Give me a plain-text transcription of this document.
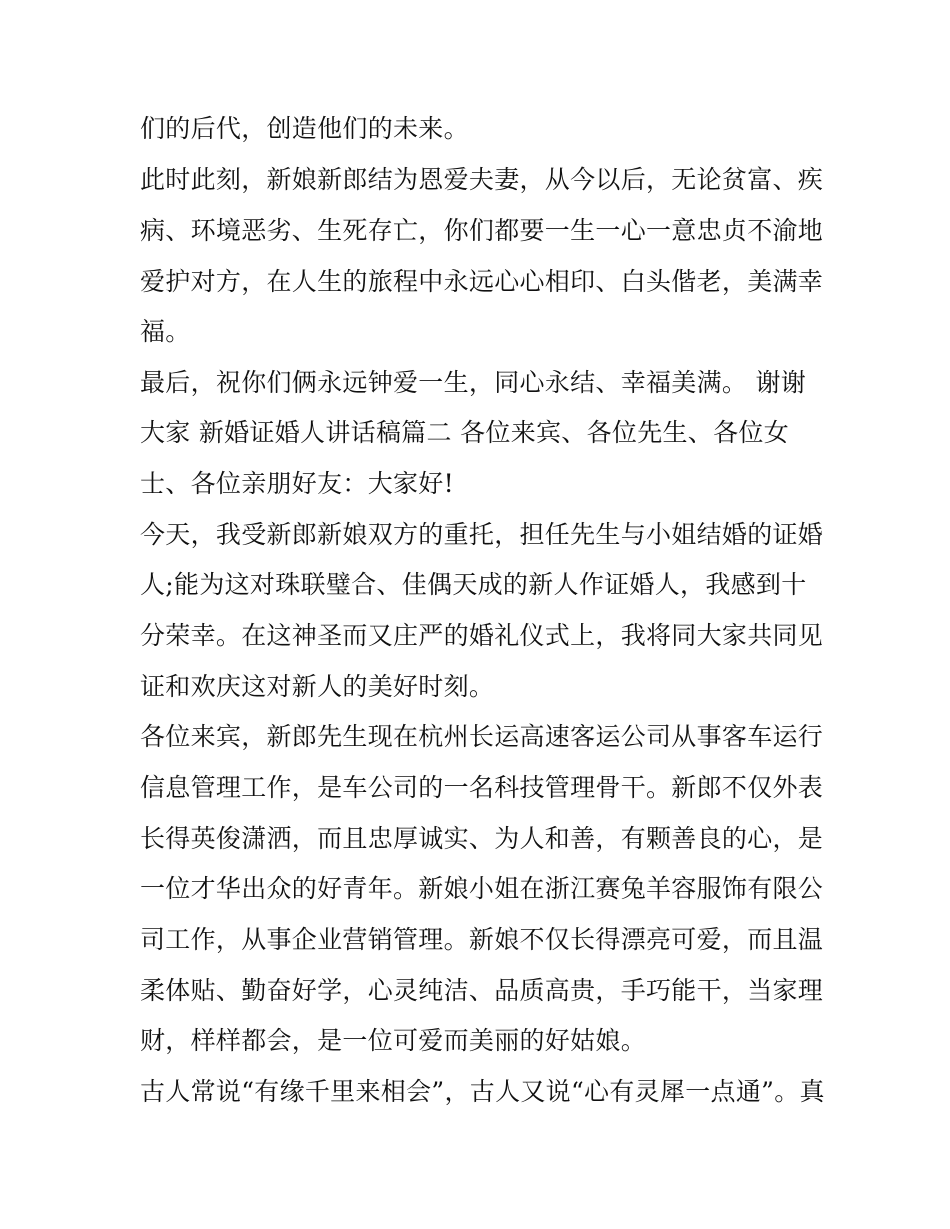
们的后代，创造他们的未来。
此时此刻，新娘新郎结为恩爱夫妻，从今以后，无论贫富、疾
病、环境恶劣、生死存亡，你们都要一生一心一意忠贞不渝地
爱护对方，在人生的旅程中永远心心相印、白头偕老，美满幸
福。
最后，祝你们俩永远钟爱一生，同心永结、幸福美满。 谢谢
大家 新婚证婚人讲话稿篇二 各位来宾、各位先生、各位女
士、各位亲朋好友：大家好!
今天，我受新郎新娘双方的重托，担任先生与小姐结婚的证婚
人;能为这对珠联璧合、佳偶天成的新人作证婚人，我感到十
分荣幸。在这神圣而又庄严的婚礼仪式上，我将同大家共同见
证和欢庆这对新人的美好时刻。
各位来宾，新郎先生现在杭州长运高速客运公司从事客车运行
信息管理工作，是车公司的一名科技管理骨干。新郎不仅外表
长得英俊潇洒，而且忠厚诚实、为人和善，有颗善良的心，是
一位才华出众的好青年。新娘小姐在浙江赛兔羊容服饰有限公
司工作，从事企业营销管理。新娘不仅长得漂亮可爱，而且温
柔体贴、勤奋好学，心灵纯洁、品质高贵，手巧能干，当家理
财，样样都会，是一位可爱而美丽的好姑娘。
古人常说“有缘千里来相会”，古人又说“心有灵犀一点通”。真
